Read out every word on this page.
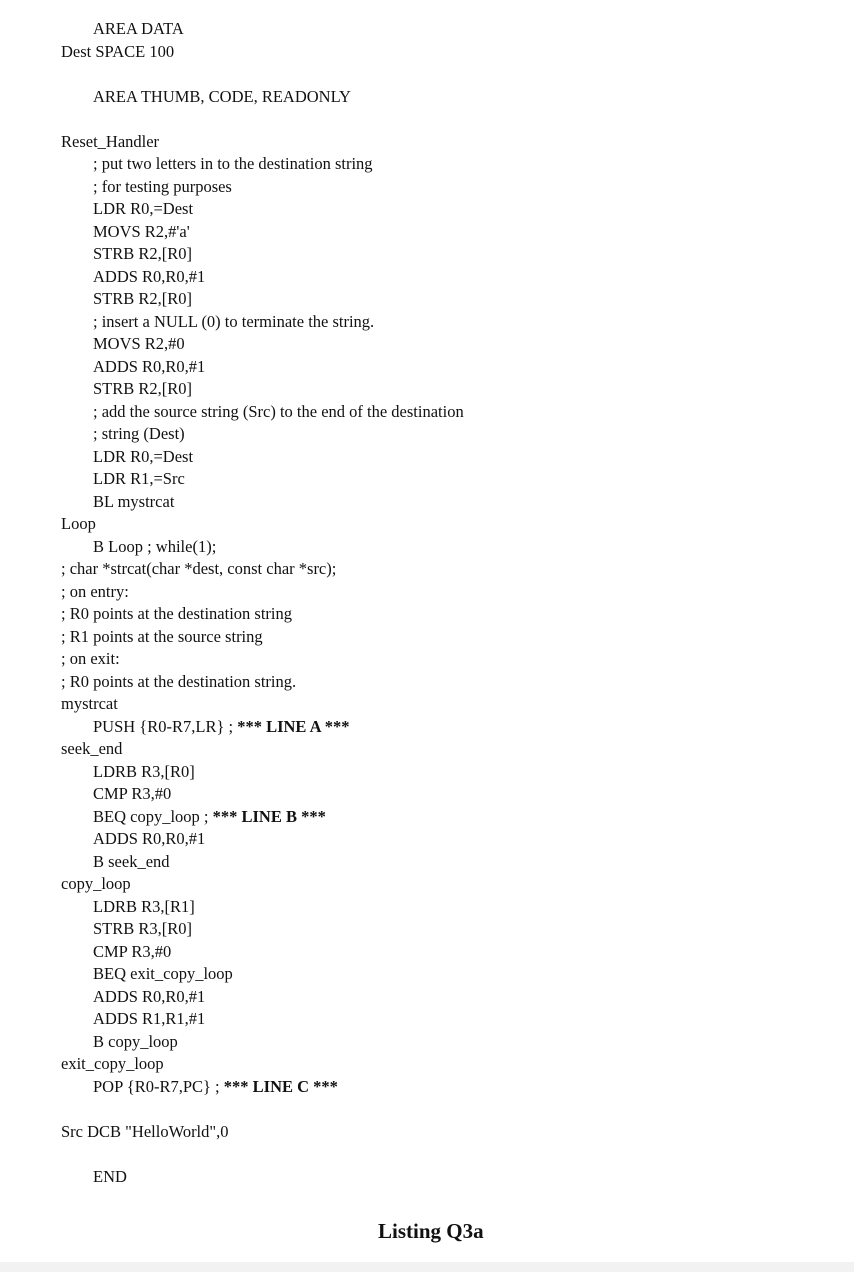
AREA DATA
Dest SPACE 100
AREA THUMB, CODE, READONLY
Reset_Handler
; put two letters in to the destination string
; for testing purposes
LDR R0,=Dest
MOVS R2,#'a'
STRB R2,[R0]
ADDS R0,R0,#1
STRB R2,[R0]
; insert a NULL (0) to terminate the string.
MOVS R2,#0
ADDS R0,R0,#1
STRB R2,[R0]
; add the source string (Src) to the end of the destination
; string (Dest)
LDR R0,=Dest
LDR R1,=Src
BL mystrcat
Loop
B Loop ; while(1);
; char *strcat(char *dest, const char *src);
; on entry:
; R0 points at the destination string
; R1 points at the source string
; on exit:
; R0 points at the destination string.
mystrcat
PUSH {R0-R7,LR} ; *** LINE A ***
seek_end
LDRB R3,[R0]
CMP R3,#0
BEQ copy_loop ; *** LINE B ***
ADDS R0,R0,#1
B seek_end
copy_loop
LDRB R3,[R1]
STRB R3,[R0]
CMP R3,#0
BEQ exit_copy_loop
ADDS R0,R0,#1
ADDS R1,R1,#1
B copy_loop
exit_copy_loop
POP {R0-R7,PC} ; *** LINE C ***
Src DCB "HelloWorld",0
END
Listing Q3a
